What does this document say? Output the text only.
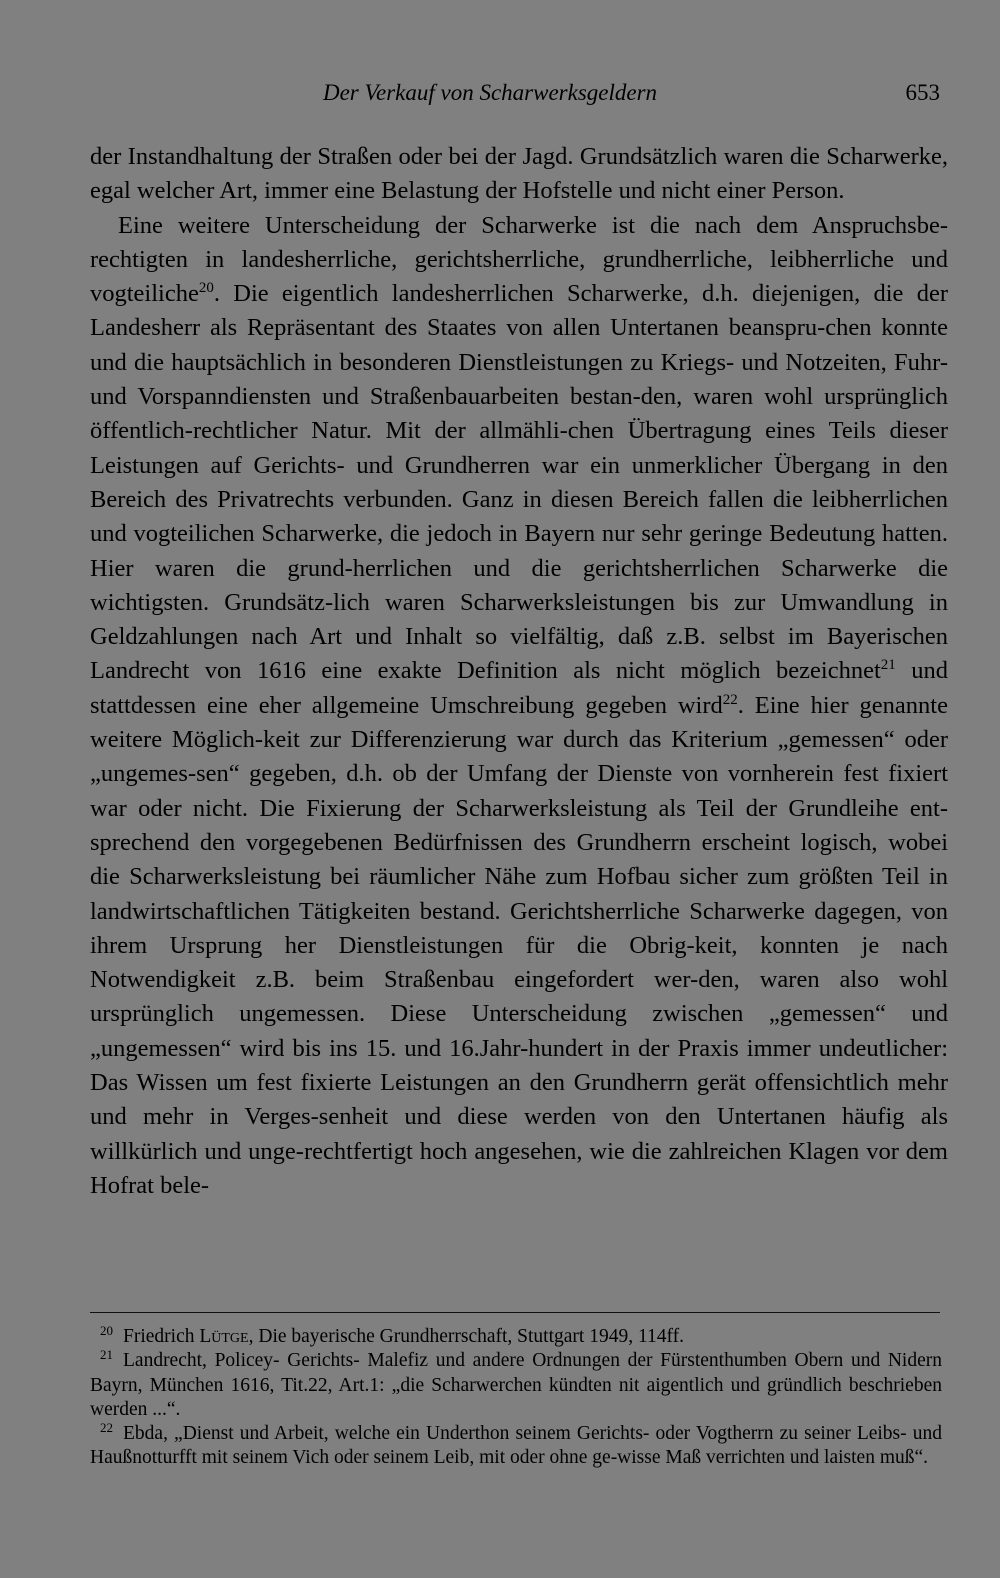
Der Verkauf von Scharwerksgeldern	653

der Instandhaltung der Straßen oder bei der Jagd. Grundsätzlich waren die Scharwerke, egal welcher Art, immer eine Belastung der Hofstelle und nicht einer Person.

Eine weitere Unterscheidung der Scharwerke ist die nach dem Anspruchsbe-rechtigten in landesherrliche, gerichtsherrliche, grundherrliche, leibherrliche und vogteiliche$^{20}$. Die eigentlich landesherrlichen Scharwerke, d.h. diejenigen, die der Landesherr als Repräsentant des Staates von allen Untertanen beanspru-chen konnte und die hauptsächlich in besonderen Dienstleistungen zu Kriegs- und Notzeiten, Fuhr- und Vorspanndiensten und Straßenbauarbeiten bestan-den, waren wohl ursprünglich öffentlich-rechtlicher Natur. Mit der allmähli-chen Übertragung eines Teils dieser Leistungen auf Gerichts- und Grundherren war ein unmerklicher Übergang in den Bereich des Privatrechts verbunden. Ganz in diesen Bereich fallen die leibherrlichen und vogteilichen Scharwerke, die jedoch in Bayern nur sehr geringe Bedeutung hatten. Hier waren die grund-herrlichen und die gerichtsherrlichen Scharwerke die wichtigsten. Grundsätz-lich waren Scharwerksleistungen bis zur Umwandlung in Geldzahlungen nach Art und Inhalt so vielfältig, daß z.B. selbst im Bayerischen Landrecht von 1616 eine exakte Definition als nicht möglich bezeichnet$^{21}$ und stattdessen eine eher allgemeine Umschreibung gegeben wird$^{22}$. Eine hier genannte weitere Möglich-keit zur Differenzierung war durch das Kriterium „gemessen“ oder „ungemes-sen“ gegeben, d.h. ob der Umfang der Dienste von vornherein fest fixiert war oder nicht. Die Fixierung der Scharwerksleistung als Teil der Grundleihe ent-sprechend den vorgegebenen Bedürfnissen des Grundherrn erscheint logisch, wobei die Scharwerksleistung bei räumlicher Nähe zum Hofbau sicher zum größten Teil in landwirtschaftlichen Tätigkeiten bestand. Gerichtsherrliche Scharwerke dagegen, von ihrem Ursprung her Dienstleistungen für die Obrig-keit, konnten je nach Notwendigkeit z.B. beim Straßenbau eingefordert wer-den, waren also wohl ursprünglich ungemessen. Diese Unterscheidung zwischen „gemessen“ und „ungemessen“ wird bis ins 15. und 16.Jahr-hundert in der Praxis immer undeutlicher: Das Wissen um fest fixierte Leistungen an den Grundherrn gerät offensichtlich mehr und mehr in Verges-senheit und diese werden von den Untertanen häufig als willkürlich und unge-rechtfertigt hoch angesehen, wie die zahlreichen Klagen vor dem Hofrat bele-

$^{20}$ Friedrich Lütge, Die bayerische Grundherrschaft, Stuttgart 1949, 114ff.

$^{21}$ Landrecht, Policey- Gerichts- Malefiz und andere Ordnungen der Fürstenthumben Obern und Nidern Bayrn, München 1616, Tit.22, Art.1: „die Scharwerchen kündten nit aigentlich und gründlich beschrieben werden ...“.

$^{22}$ Ebda, „Dienst und Arbeit, welche ein Underthon seinem Gerichts- oder Vogtherrn zu seiner Leibs- und Haußnotturfft mit seinem Vich oder seinem Leib, mit oder ohne ge-wisse Maß verrichten und laisten muß“.
